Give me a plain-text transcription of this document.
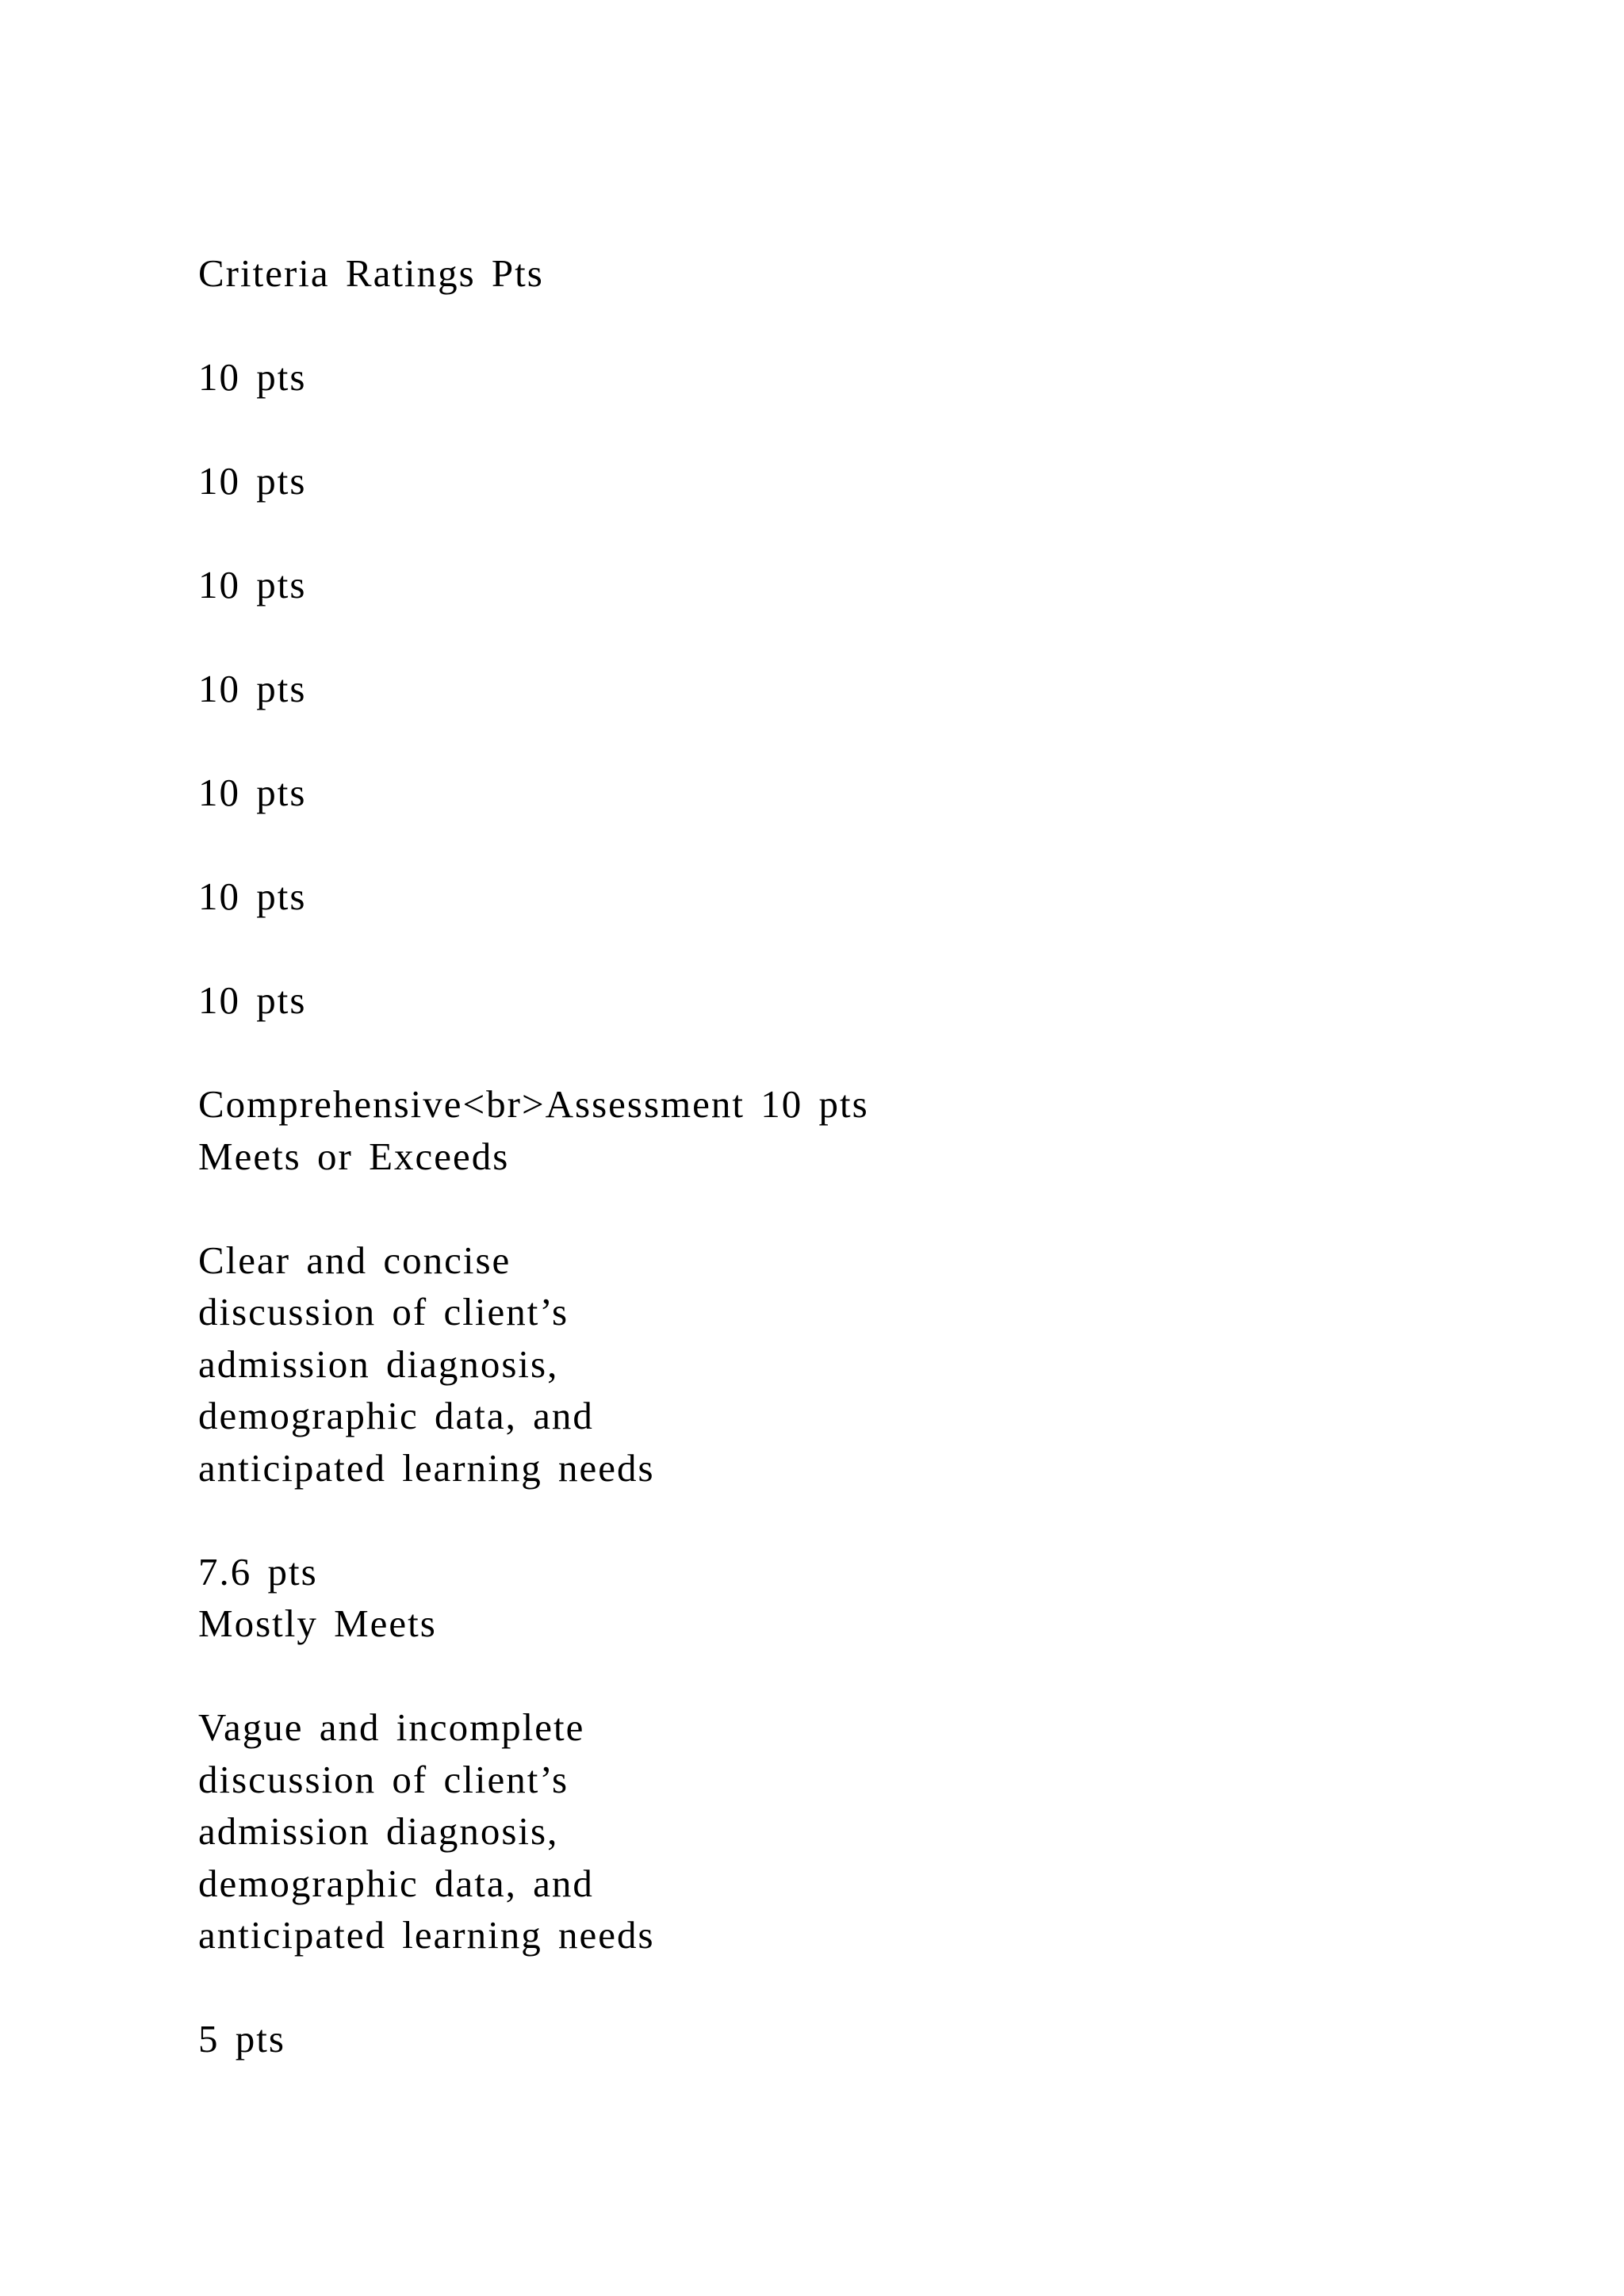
Criteria Ratings Pts
10 pts
10 pts
10 pts
10 pts
10 pts
10 pts
10 pts
Comprehensive<br>Assessment 10 pts
Meets or Exceeds
Clear and concise
discussion of client’s
admission diagnosis,
demographic data, and
anticipated learning needs
7.6 pts
Mostly Meets
Vague and incomplete
discussion of client’s
admission diagnosis,
demographic data, and
anticipated learning needs
5 pts
